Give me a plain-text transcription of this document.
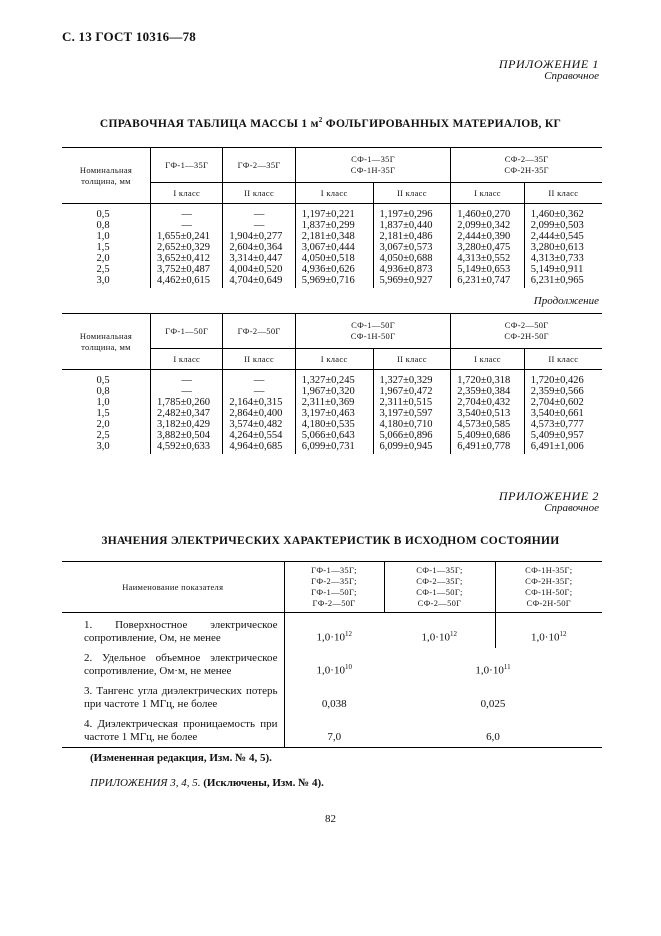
С. 13 ГОСТ 10316—78
ПРИЛОЖЕНИЕ 1
Справочное
СПРАВОЧНАЯ ТАБЛИЦА МАССЫ 1 $м^2$ ФОЛЬГИРОВАННЫХ МАТЕРИАЛОВ, КГ
Номинальная толщина, мм	ГФ-1—35Г	ГФ-2—35Г	СФ-1—35Г СФ-1Н-35Г		СФ-2—35Г СФ-2Н-35Г	

	I класс	II класс	I класс	II класс	I класс	II класс
0,5	—	—	1,197±0,221	1,197±0,296	1,460±0,270	1,460±0,362
0,8	—	—	1,837±0,299	1,837±0,440	2,099±0,342	2,099±0,503
1,0	1,655±0,241	1,904±0,277	2,181±0,348	2,181±0,486	2,444±0,390	2,444±0,545
1,5	2,652±0,329	2,604±0,364	3,067±0,444	3,067±0,573	3,280±0,475	3,280±0,613
2,0	3,652±0,412	3,314±0,447	4,050±0,518	4,050±0,688	4,313±0,552	4,313±0,733
2,5	3,752±0,487	4,004±0,520	4,936±0,626	4,936±0,873	5,149±0,653	5,149±0,911
3,0	4,462±0,615	4,704±0,649	5,969±0,716	5,969±0,927	6,231±0,747	6,231±0,965
Продолжение
Номинальная толщина, мм	ГФ-1—50Г	ГФ-2—50Г	СФ-1—50Г СФ-1Н-50Г		СФ-2—50Г СФ-2Н-50Г	

	I класс	II класс	I класс	II класс	I класс	II класс
0,5	—	—	1,327±0,245	1,327±0,329	1,720±0,318	1,720±0,426
0,8	—	—	1,967±0,320	1,967±0,472	2,359±0,384	2,359±0,566
1,0	1,785±0,260	2,164±0,315	2,311±0,369	2,311±0,515	2,704±0,432	2,704±0,602
1,5	2,482±0,347	2,864±0,400	3,197±0,463	3,197±0,597	3,540±0,513	3,540±0,661
2,0	3,182±0,429	3,574±0,482	4,180±0,535	4,180±0,710	4,573±0,585	4,573±0,777
2,5	3,882±0,504	4,264±0,554	5,066±0,643	5,066±0,896	5,409±0,686	5,409±0,957
3,0	4,592±0,633	4,964±0,685	6,099±0,731	6,099±0,945	6,491±0,778	6,491±1,006
ПРИЛОЖЕНИЕ 2
Справочное
ЗНАЧЕНИЯ ЭЛЕКТРИЧЕСКИХ ХАРАКТЕРИСТИК В ИСХОДНОМ СОСТОЯНИИ
Наименование показателя	ГФ-1—35Г; ГФ-2—35Г; ГФ-1—50Г; ГФ-2—50Г	СФ-1—35Г; СФ-2—35Г; СФ-1—50Г; СФ-2—50Г	СФ-1Н-35Г; СФ-2Н-35Г; СФ-1Н-50Г; СФ-2Н-50Г

1. Поверхностное электрическое сопротивление, Ом, не менее	$1,0\cdot 10^{12}$	$1,0\cdot 10^{12}$	$1,0\cdot 10^{12}$
2. Удельное объемное электрическое сопротивление, Ом·м, не менее	$1,0\cdot 10^{10}$	$1,0\cdot 10^{11}$
3. Тангенс угла диэлектрических потерь при частоте 1 МГц, не более	0,038	0,025	
4. Диэлектрическая проницаемость при частоте 1 МГц, не более	7,0	6,0	
(Измененная редакция, Изм. № 4, 5).
ПРИЛОЖЕНИЯ 3, 4, 5. (Исключены, Изм. № 4).
82
